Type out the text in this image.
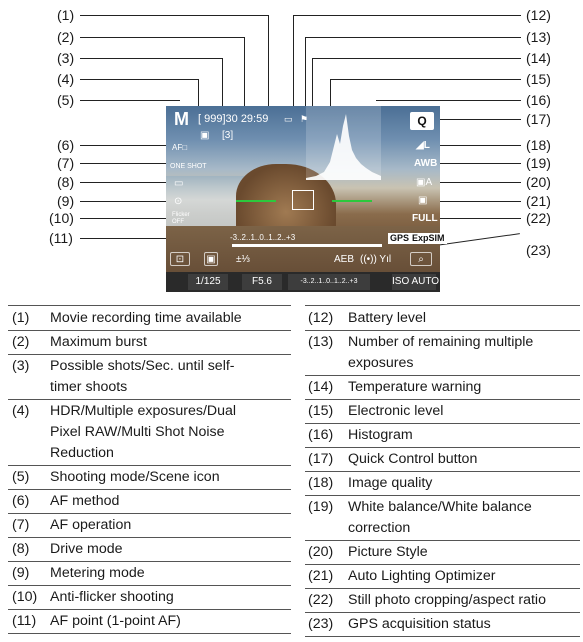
(1)
(2)
(3)
(4)
(5)
(6)
(7)
(8)
(9)
(10)
(11)
(12)
(13)
(14)
(15)
(16)
(17)
(18)
(19)
(20)
(21)
(22)
(23)
M [ 999]30 29:59 ▭ ⚑
▣ [3]
AF□
ONE SHOT
▭
⊙
Flicker
OFF
Q
◢L
AWB
▣A
▣
FULL
-3..2..1..0..1..2..+3	GPS ExpSIM
⊡	▣ ±⅓	AEB ((•)) Yıl	⌕
1/125	F5.6	-3..2..1..0..1..2..+3	ISO AUTO
(1) Movie recording time available
(2) Maximum burst
(3) Possible shots/Sec. until self-
timer shoots
(4) HDR/Multiple exposures/Dual
Pixel RAW/Multi Shot Noise
Reduction
(5) Shooting mode/Scene icon
(6) AF method
(7) AF operation
(8) Drive mode
(9) Metering mode
(10) Anti-flicker shooting
(11) AF point (1-point AF)
(12) Battery level
(13) Number of remaining multiple
exposures
(14) Temperature warning
(15) Electronic level
(16) Histogram
(17) Quick Control button
(18) Image quality
(19) White balance/White balance
correction
(20) Picture Style
(21) Auto Lighting Optimizer
(22) Still photo cropping/aspect ratio
(23) GPS acquisition status
